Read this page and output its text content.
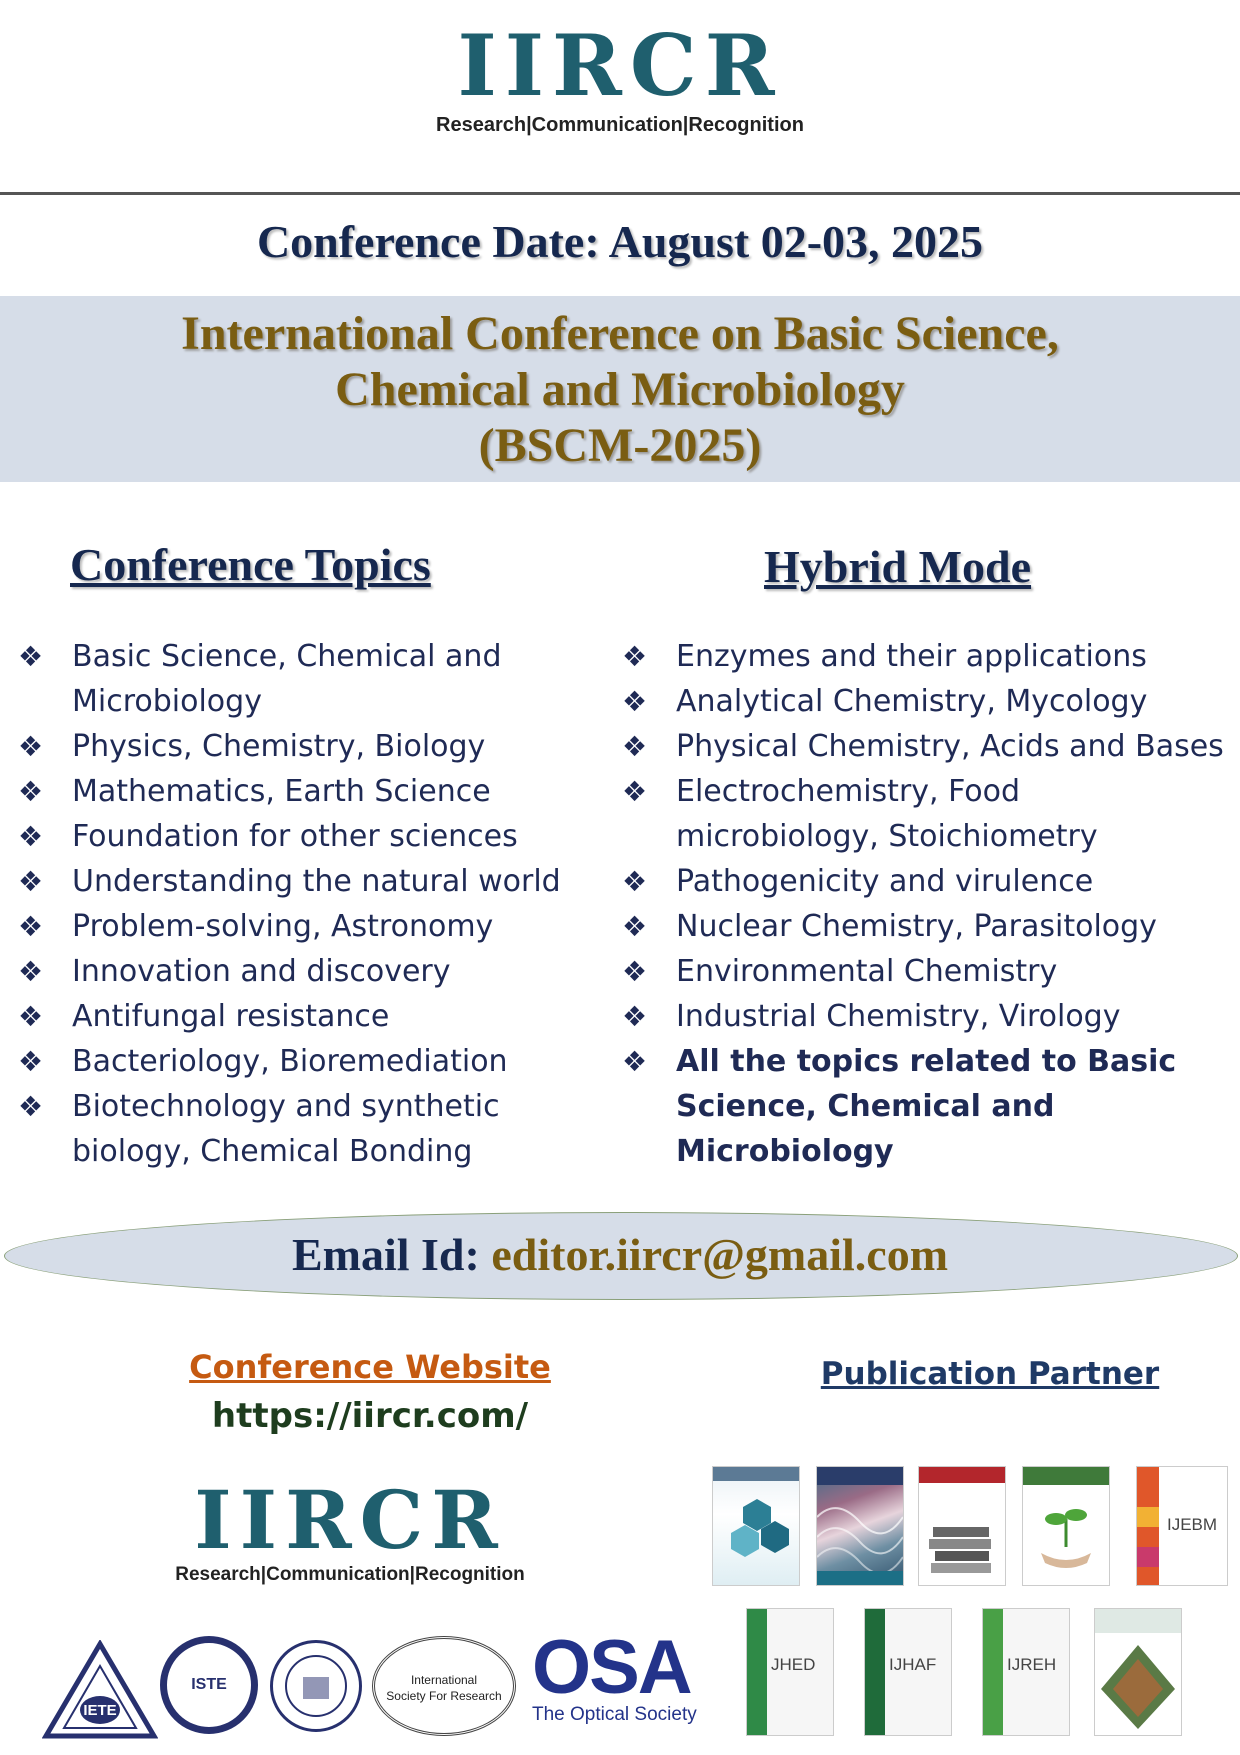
IIRCR
Research|Communication|Recognition
Conference Date: August 02-03, 2025
International Conference on Basic Science,
Chemical and Microbiology
(BSCM-2025)
Conference Topics	Hybrid Mode
❖ Basic Science, Chemical and
Microbiology
❖ Physics, Chemistry, Biology
❖ Mathematics, Earth Science
❖ Foundation for other sciences
❖ Understanding the natural world
❖ Problem-solving, Astronomy
❖ Innovation and discovery
❖ Antifungal resistance
❖ Bacteriology, Bioremediation
❖ Biotechnology and synthetic
biology, Chemical Bonding
❖ Enzymes and their applications
❖ Analytical Chemistry, Mycology
❖ Physical Chemistry, Acids and Bases
❖ Electrochemistry, Food
microbiology, Stoichiometry
❖ Pathogenicity and virulence
❖ Nuclear Chemistry, Parasitology
❖ Environmental Chemistry
❖ Industrial Chemistry, Virology
❖ All the topics related to Basic
Science, Chemical and
Microbiology
Email Id: editor.iircr@gmail.com
Conference Website
https://iircr.com/
Publication Partner
IJEBM
JHED	IJHAF	IJREH
IIRCR
Research|Communication|Recognition
IETE
ISTE	International
Society For Research OSA
The Optical Society
